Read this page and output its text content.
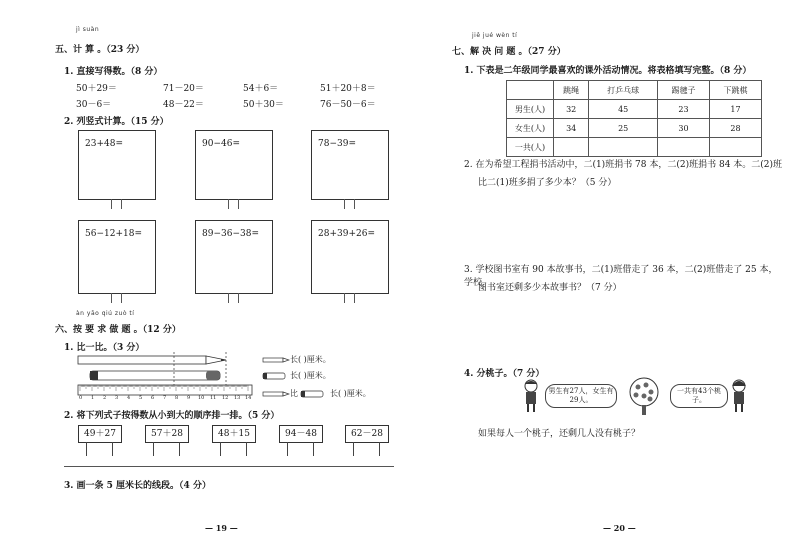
jì suàn
五、计 算 。（23 分）
1. 直接写得数。（8 分）
50＋29＝	71－20＝	54＋6＝	51＋20＋8＝
30－6＝	48－22＝	50＋30＝	76－50－6＝
2. 列竖式计算。（15 分）
23+48=	90−46=	78−39=
56−12+18=	89−36−38=	28+39+26=
àn yāo qiú zuò tí
六、按 要 求 做 题 。（12 分）
1. 比一比。（3 分）
0 1 2 3 4 5 6 7 8 9 10 11 12 13 14
长( )厘米。
长( )厘米。
比	长( )厘米。
2. 将下列式子按得数从小到大的顺序排一排。（5 分）
49＋27	57＋28	48＋15	94－48	62－28
3. 画一条 5 厘米长的线段。（4 分）
— 19 —
jiě jué wèn tí
七、解 决 问 题 。（27 分）
1. 下表是二年级同学最喜欢的课外活动情况。将表格填写完整。（8 分）
	跳绳	打乒乓球	踢毽子	下跳棋
男生(人)	32	45	23	17
女生(人)	34	25	30	28
一共(人)				
2. 在为希望工程捐书活动中，二(1)班捐书 78 本，二(2)班捐书 84 本。二(2)班
比二(1)班多捐了多少本？（5 分）
3. 学校图书室有 90 本故事书，二(1)班借走了 36 本，二(2)班借走了 25 本，学校
图书室还剩多少本故事书？（7 分）
4. 分桃子。（7 分）
男生有27人，女生有29人。
一共有43个桃子。
如果每人一个桃子，还剩几人没有桃子？
— 20 —
